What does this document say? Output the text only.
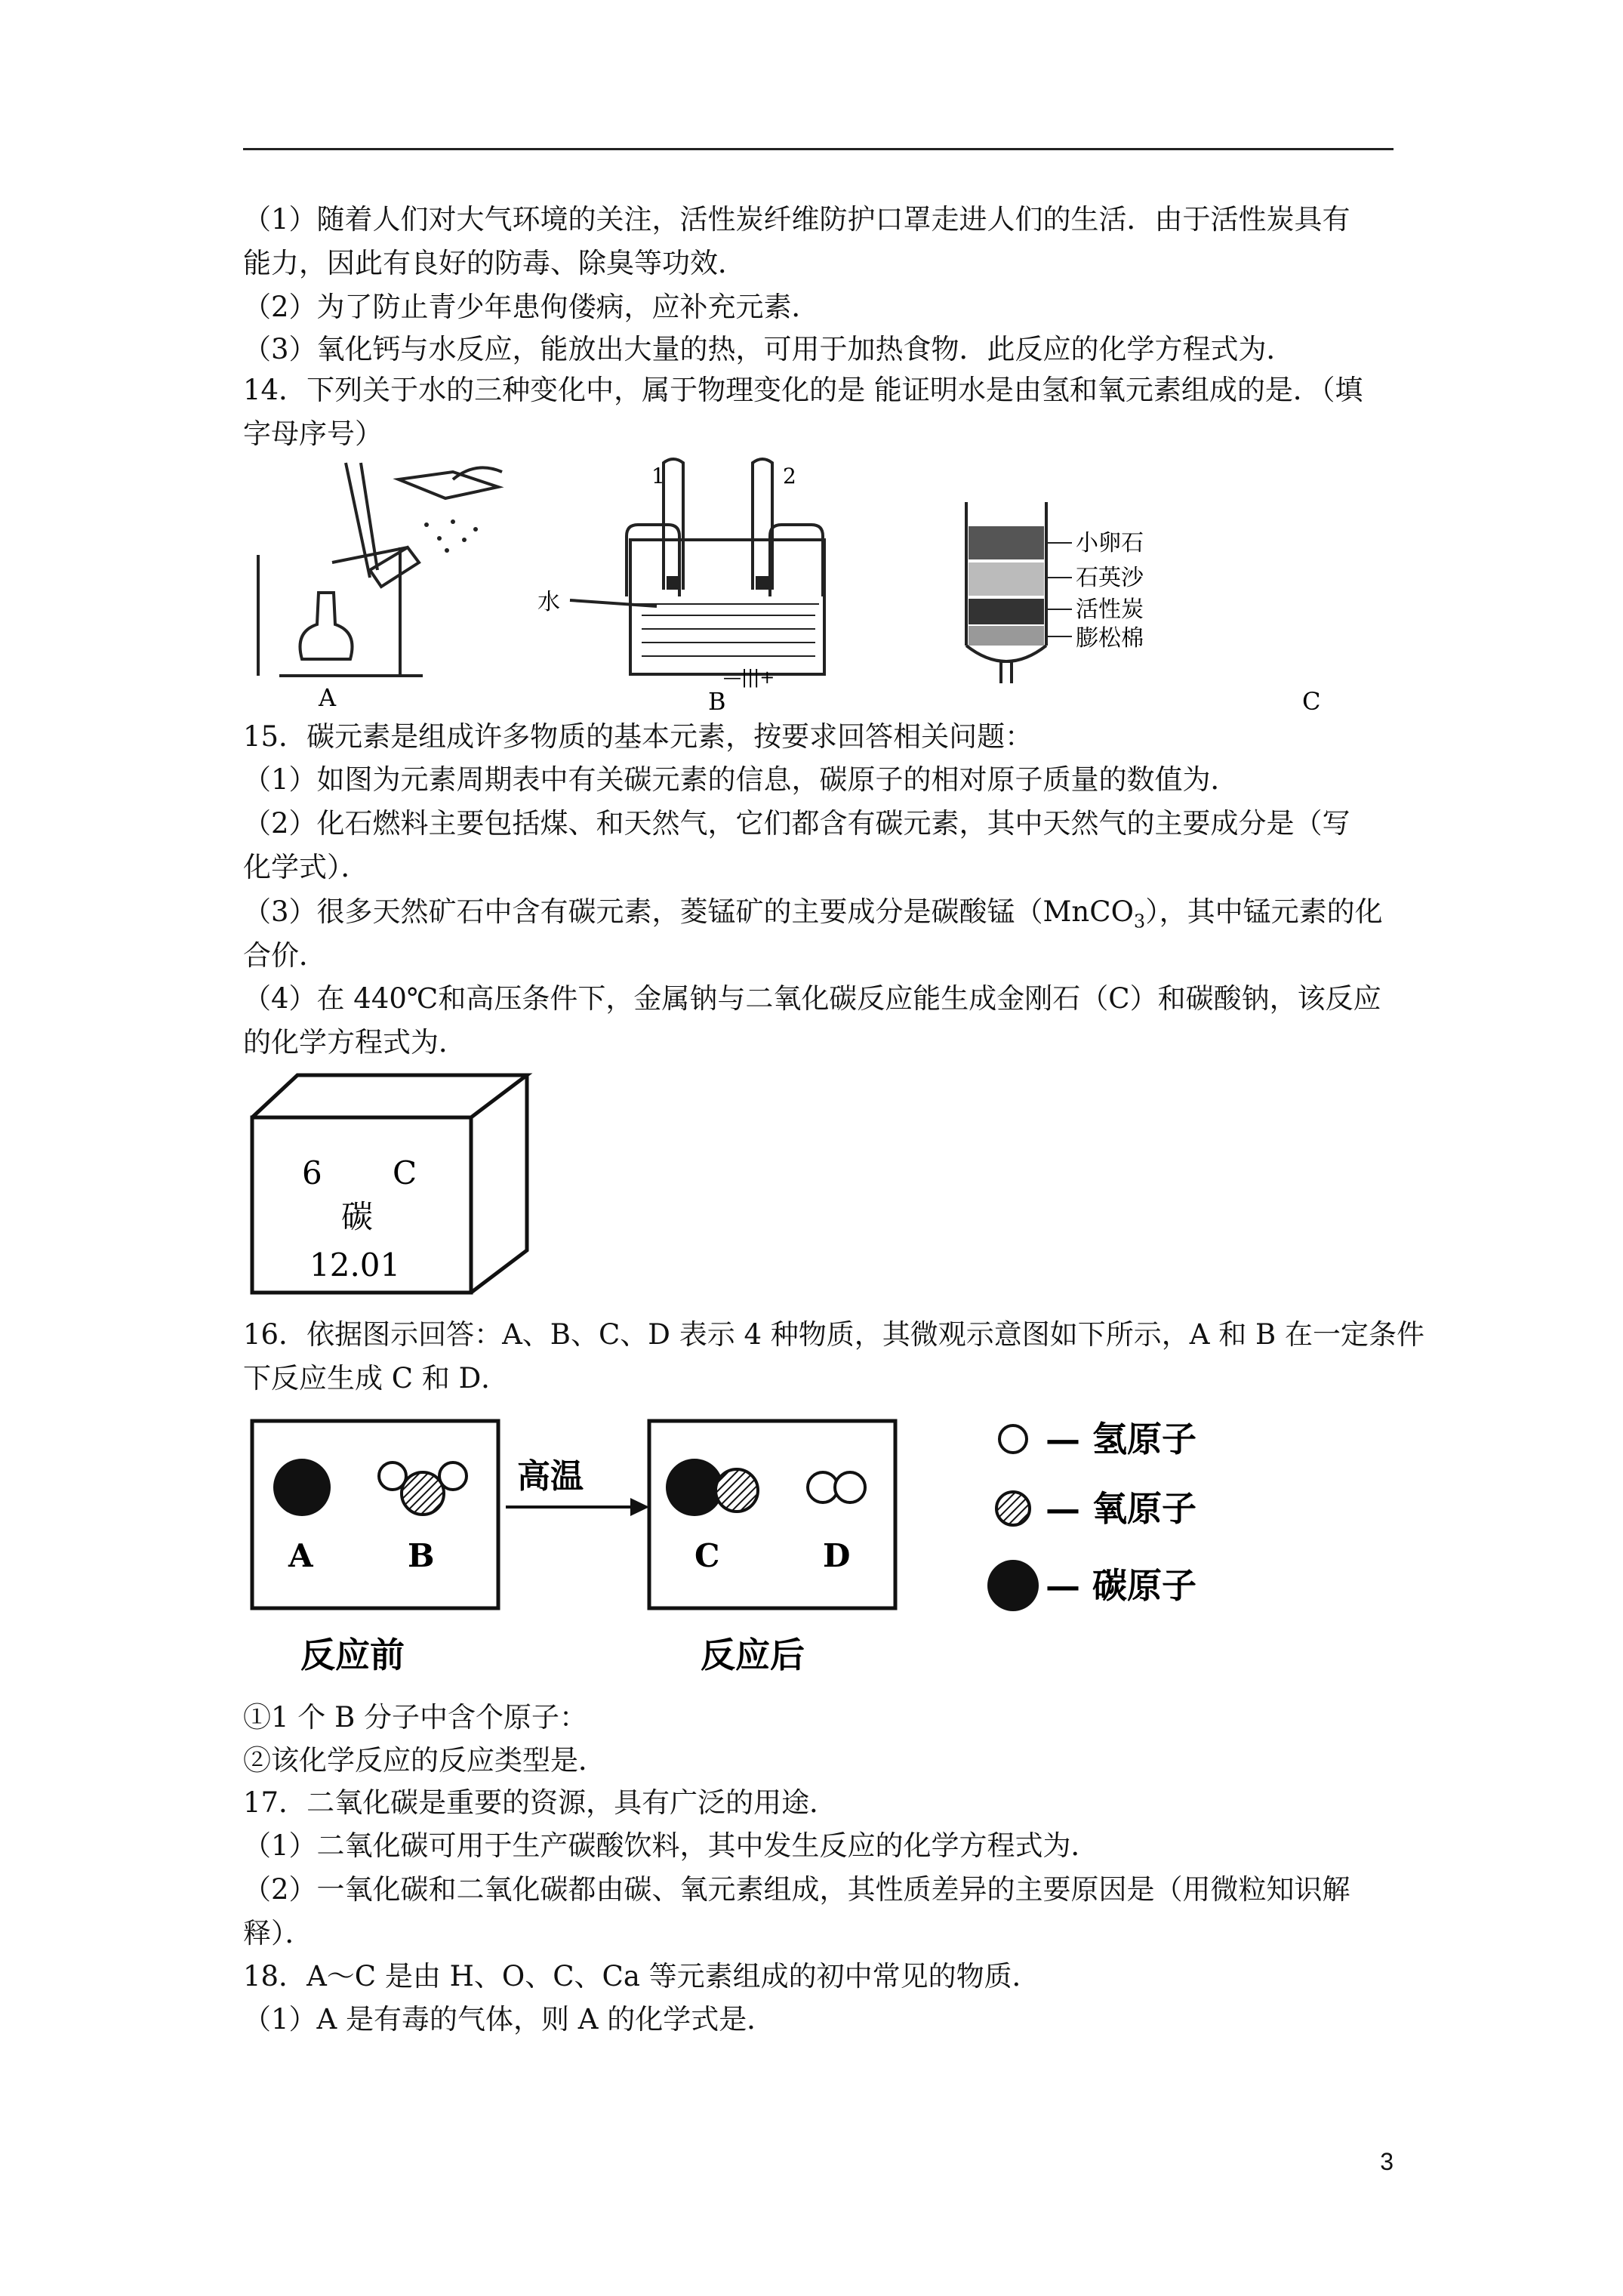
（1）随着人们对大气环境的关注，活性炭纤维防护口罩走进人们的生活．由于活性炭具有
能力，因此有良好的防毒、除臭等功效．
（2）为了防止青少年患佝偻病，应补充元素．
（3）氧化钙与水反应，能放出大量的热，可用于加热食物．此反应的化学方程式为．
14．下列关于水的三种变化中，属于物理变化的是 能证明水是由氢和氧元素组成的是．（填
字母序号）
A
1	2
水
—|||+
B
小卵石
石英沙
活性炭
膨松棉
C
15．碳元素是组成许多物质的基本元素，按要求回答相关问题：
（1）如图为元素周期表中有关碳元素的信息，碳原子的相对原子质量的数值为．
（2）化石燃料主要包括煤、和天然气，它们都含有碳元素，其中天然气的主要成分是（写
化学式）．
（3）很多天然矿石中含有碳元素，菱锰矿的主要成分是碳酸锰（MnCO$_3$），其中锰元素的化
合价．
（4）在 440℃和高压条件下，金属钠与二氧化碳反应能生成金刚石（C）和碳酸钠，该反应
的化学方程式为．
6 C
碳
12.01
16．依据图示回答：A、B、C、D 表示 4 种物质，其微观示意图如下所示，A 和 B 在一定条件
下反应生成 C 和 D．
A	B
高温
C	D
反应前	反应后
— 氢原子
— 氧原子
— 碳原子
①1 个 B 分子中含个原子：
②该化学反应的反应类型是．
17．二氧化碳是重要的资源，具有广泛的用途．
（1）二氧化碳可用于生产碳酸饮料，其中发生反应的化学方程式为．
（2）一氧化碳和二氧化碳都由碳、氧元素组成，其性质差异的主要原因是（用微粒知识解
释）．
18．A～C 是由 H、O、C、Ca 等元素组成的初中常见的物质．
（1）A 是有毒的气体，则 A 的化学式是．
3
